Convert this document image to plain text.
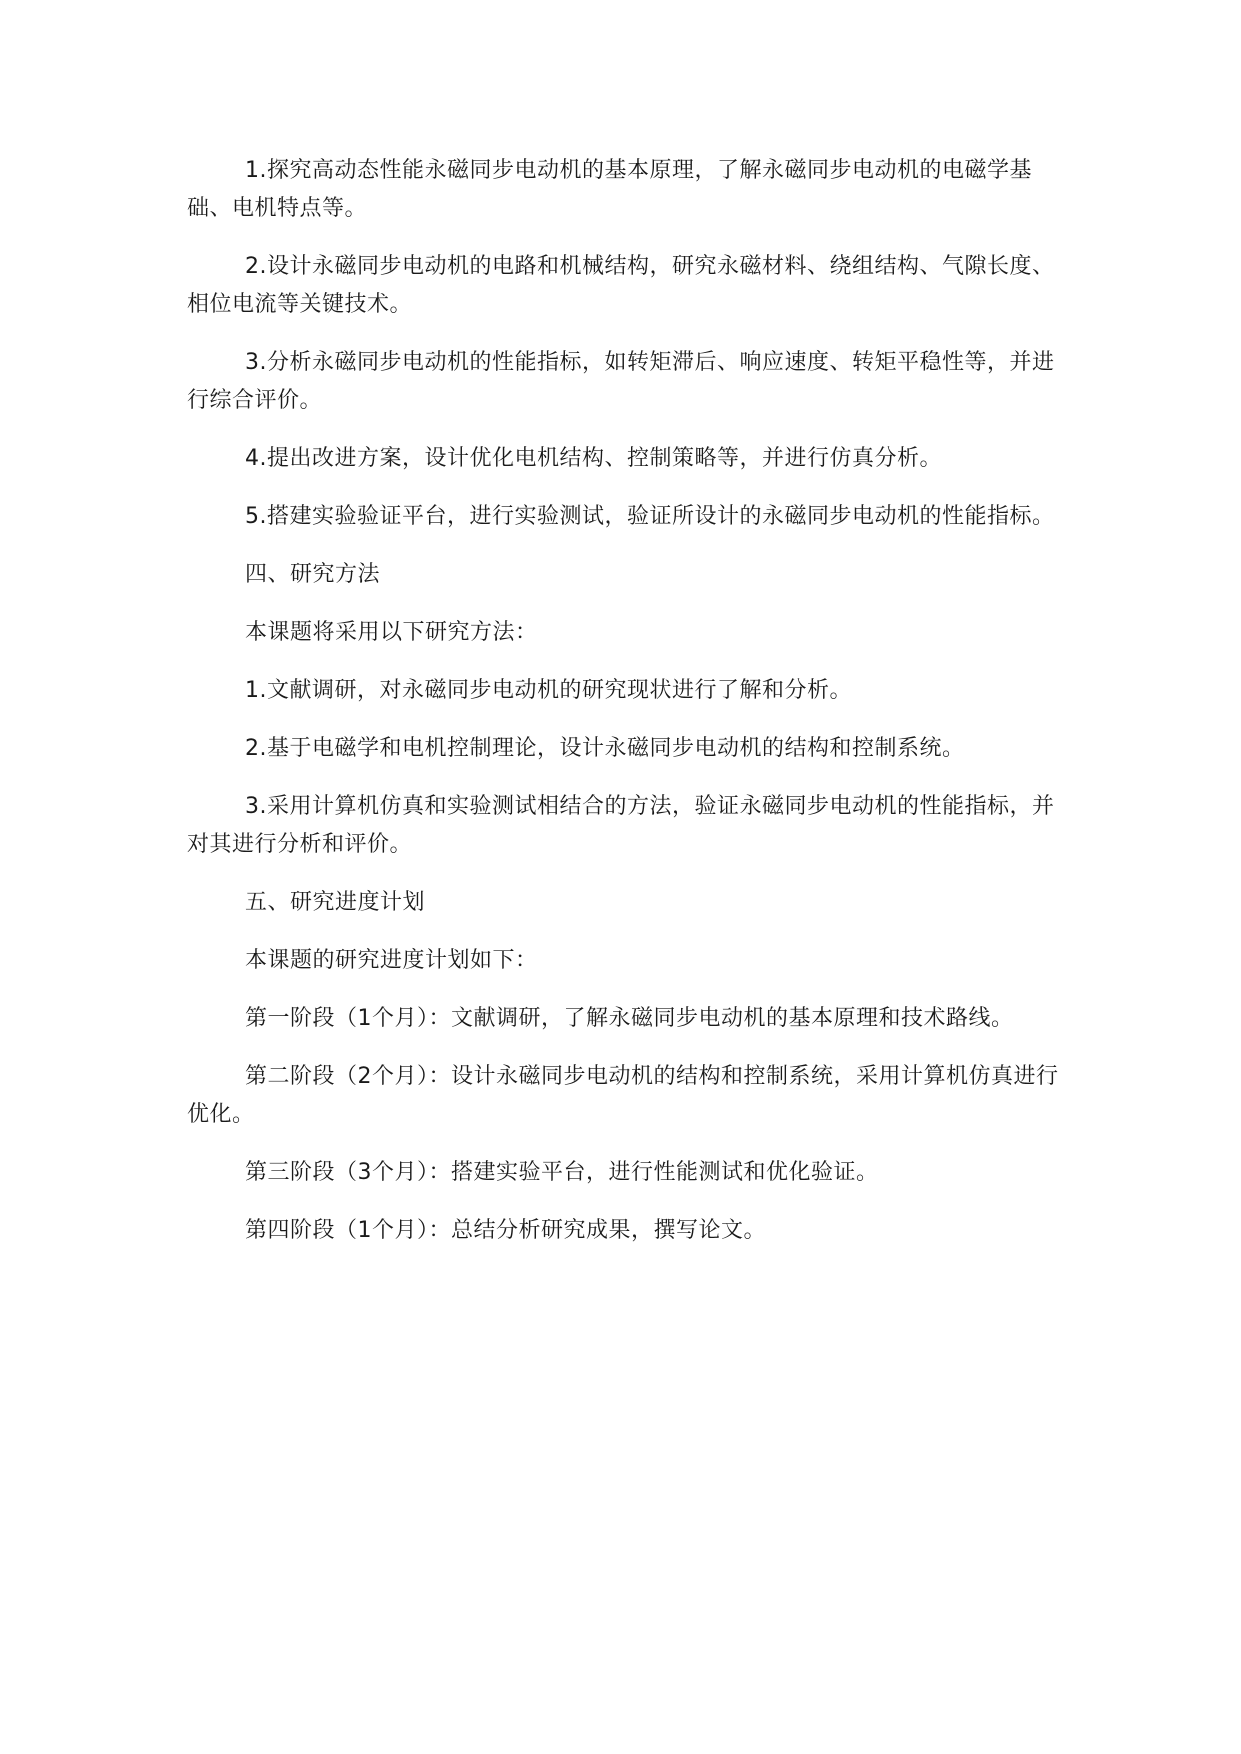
1.探究高动态性能永磁同步电动机的基本原理，了解永磁同步电动机的电磁学基础、电机特点等。

2.设计永磁同步电动机的电路和机械结构，研究永磁材料、绕组结构、气隙长度、相位电流等关键技术。

3.分析永磁同步电动机的性能指标，如转矩滞后、响应速度、转矩平稳性等，并进行综合评价。

4.提出改进方案，设计优化电机结构、控制策略等，并进行仿真分析。

5.搭建实验验证平台，进行实验测试，验证所设计的永磁同步电动机的性能指标。

四、研究方法

本课题将采用以下研究方法：

1.文献调研，对永磁同步电动机的研究现状进行了解和分析。

2.基于电磁学和电机控制理论，设计永磁同步电动机的结构和控制系统。

3.采用计算机仿真和实验测试相结合的方法，验证永磁同步电动机的性能指标，并对其进行分析和评价。

五、研究进度计划

本课题的研究进度计划如下：

第一阶段（1个月）：文献调研，了解永磁同步电动机的基本原理和技术路线。

第二阶段（2个月）：设计永磁同步电动机的结构和控制系统，采用计算机仿真进行优化。

第三阶段（3个月）：搭建实验平台，进行性能测试和优化验证。

第四阶段（1个月）：总结分析研究成果，撰写论文。
